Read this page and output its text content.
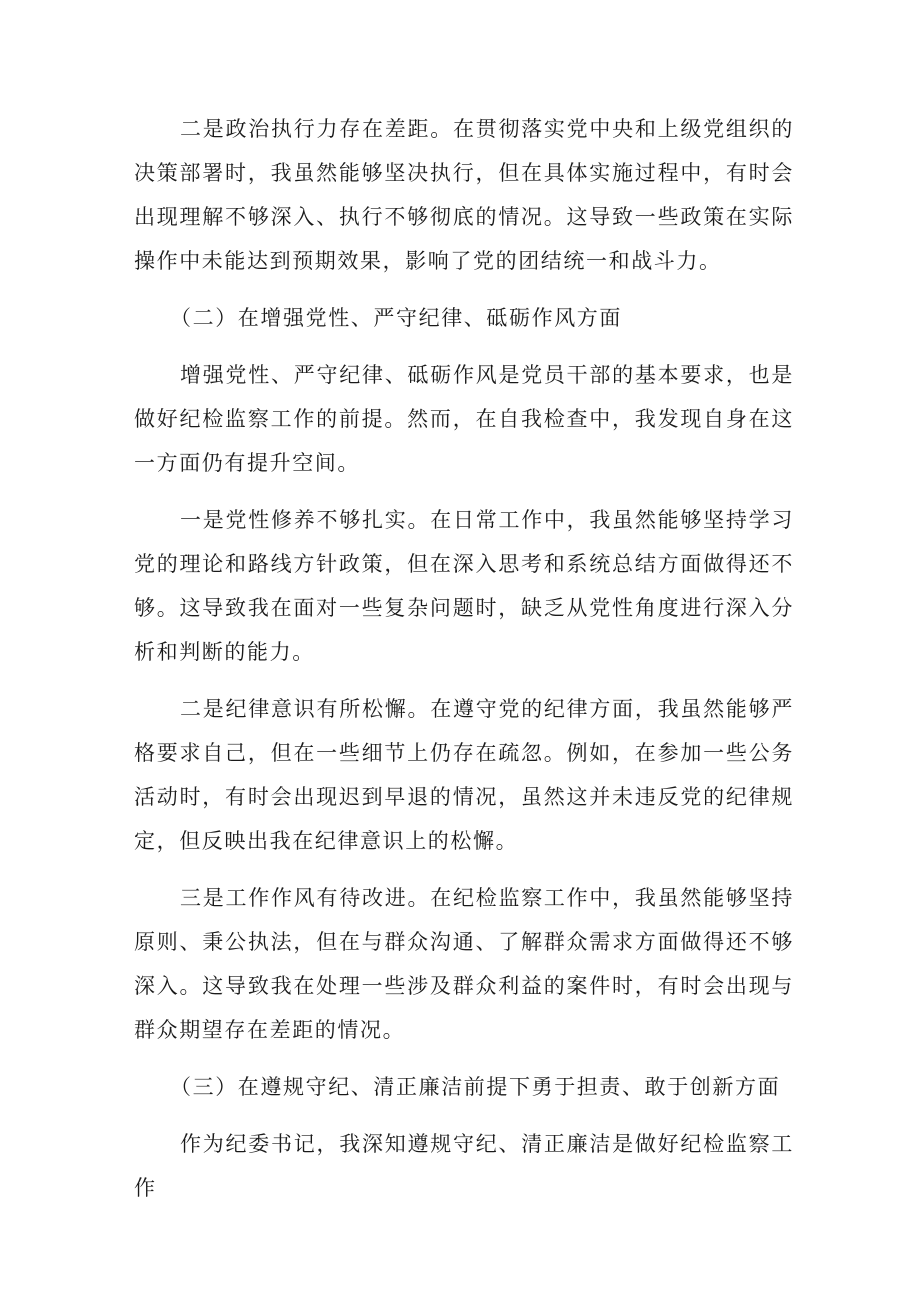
二是政治执行力存在差距。在贯彻落实党中央和上级党组织的决策部署时，我虽然能够坚决执行，但在具体实施过程中，有时会出现理解不够深入、执行不够彻底的情况。这导致一些政策在实际操作中未能达到预期效果，影响了党的团结统一和战斗力。

（二）在增强党性、严守纪律、砥砺作风方面

增强党性、严守纪律、砥砺作风是党员干部的基本要求，也是做好纪检监察工作的前提。然而，在自我检查中，我发现自身在这一方面仍有提升空间。

一是党性修养不够扎实。在日常工作中，我虽然能够坚持学习党的理论和路线方针政策，但在深入思考和系统总结方面做得还不够。这导致我在面对一些复杂问题时，缺乏从党性角度进行深入分析和判断的能力。

二是纪律意识有所松懈。在遵守党的纪律方面，我虽然能够严格要求自己，但在一些细节上仍存在疏忽。例如，在参加一些公务活动时，有时会出现迟到早退的情况，虽然这并未违反党的纪律规定，但反映出我在纪律意识上的松懈。

三是工作作风有待改进。在纪检监察工作中，我虽然能够坚持原则、秉公执法，但在与群众沟通、了解群众需求方面做得还不够深入。这导致我在处理一些涉及群众利益的案件时，有时会出现与群众期望存在差距的情况。

（三）在遵规守纪、清正廉洁前提下勇于担责、敢于创新方面

作为纪委书记，我深知遵规守纪、清正廉洁是做好纪检监察工作
